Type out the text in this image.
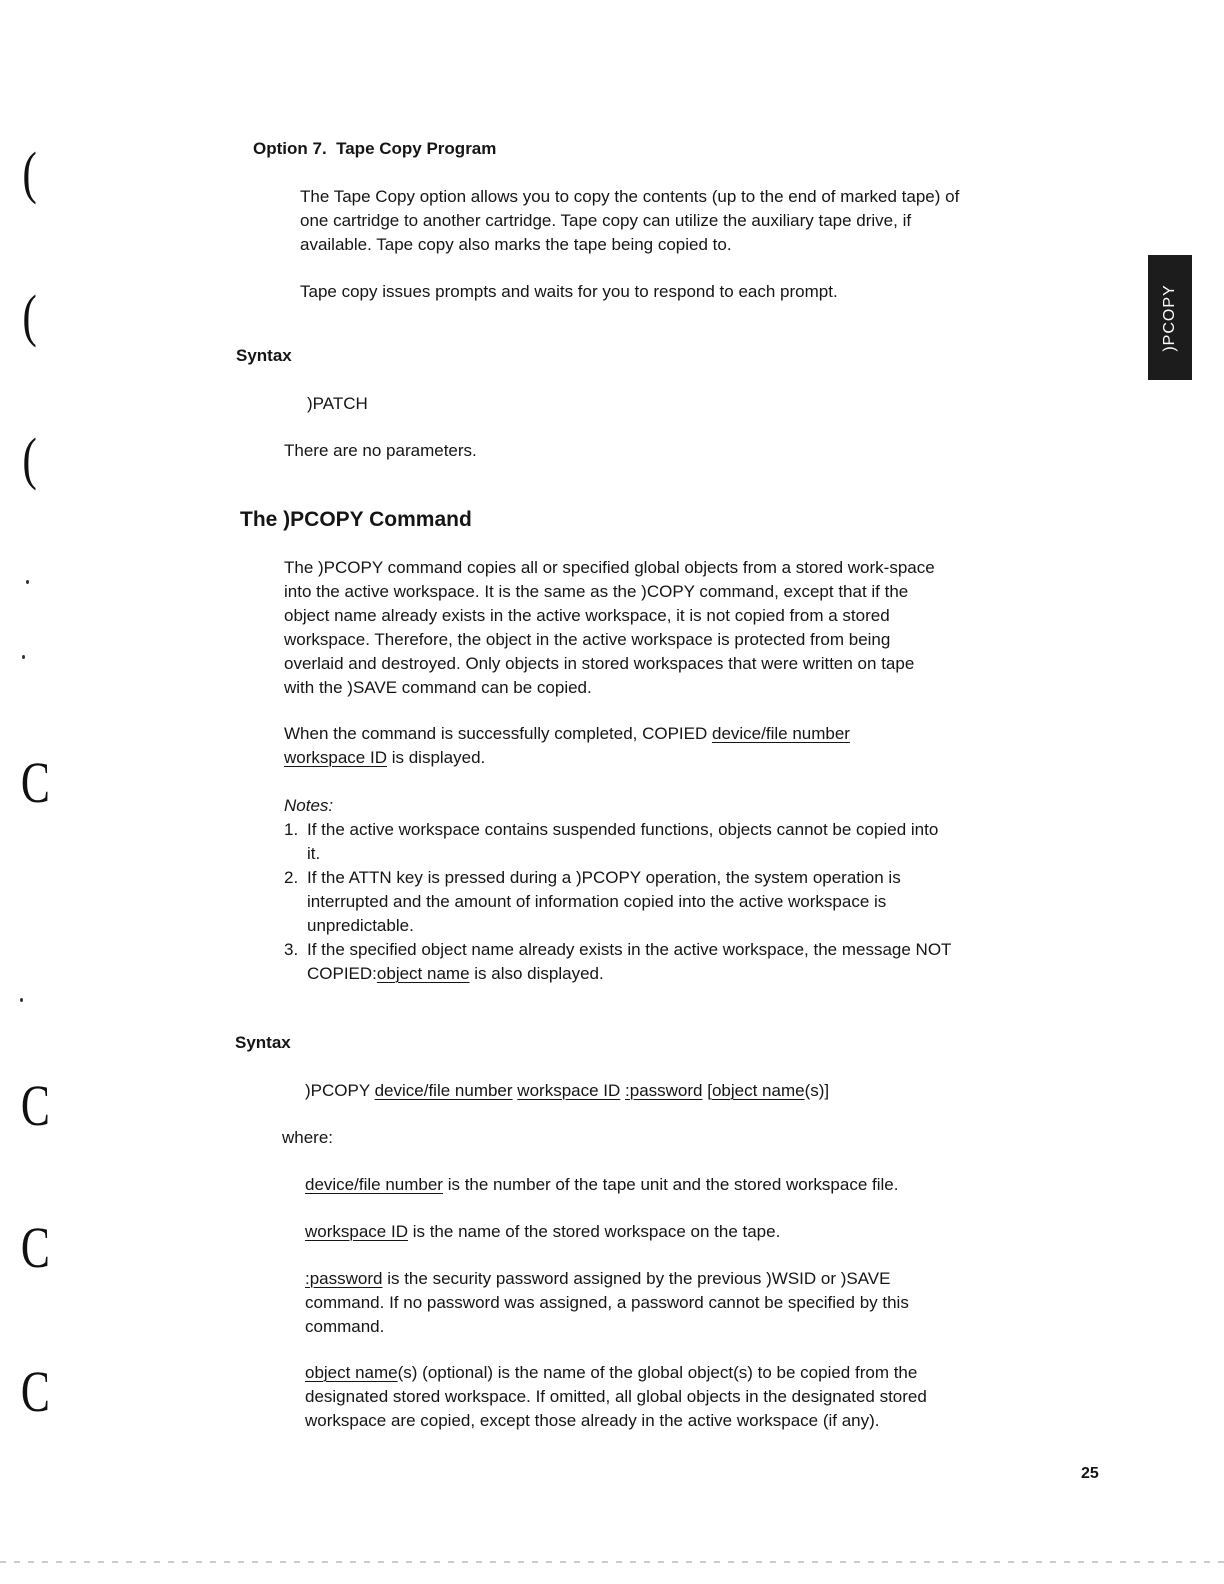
(
(
(
C
C
C
C
)PCOPY
Option 7.  Tape Copy Program

The Tape Copy option allows you to copy the contents (up to the end of marked tape) of one cartridge to another cartridge. Tape copy can utilize the auxiliary tape drive, if available. Tape copy also marks the tape being copied to.

Tape copy issues prompts and waits for you to respond to each prompt.

Syntax
)PATCH
There are no parameters.
The )PCOPY Command

The )PCOPY command copies all or specified global objects from a stored work-space into the active workspace. It is the same as the )COPY command, except that if the object name already exists in the active workspace, it is not copied from a stored workspace. Therefore, the object in the active workspace is protected from being overlaid and destroyed. Only objects in stored workspaces that were written on tape with the )SAVE command can be copied.

When the command is successfully completed, COPIED device/file number workspace ID is displayed.

Notes:
1. If the active workspace contains suspended functions, objects cannot be copied into it.
2. If the ATTN key is pressed during a )PCOPY operation, the system operation is interrupted and the amount of information copied into the active workspace is unpredictable.
3. If the specified object name already exists in the active workspace, the message NOT COPIED:object name is also displayed.
Syntax
)PCOPY device/file number workspace ID :password [object name(s)]
where:

device/file number is the number of the tape unit and the stored workspace file.

workspace ID is the name of the stored workspace on the tape.

:password is the security password assigned by the previous )WSID or )SAVE command. If no password was assigned, a password cannot be specified by this command.

object name(s) (optional) is the name of the global object(s) to be copied from the designated stored workspace. If omitted, all global objects in the designated stored workspace are copied, except those already in the active workspace (if any).

25
